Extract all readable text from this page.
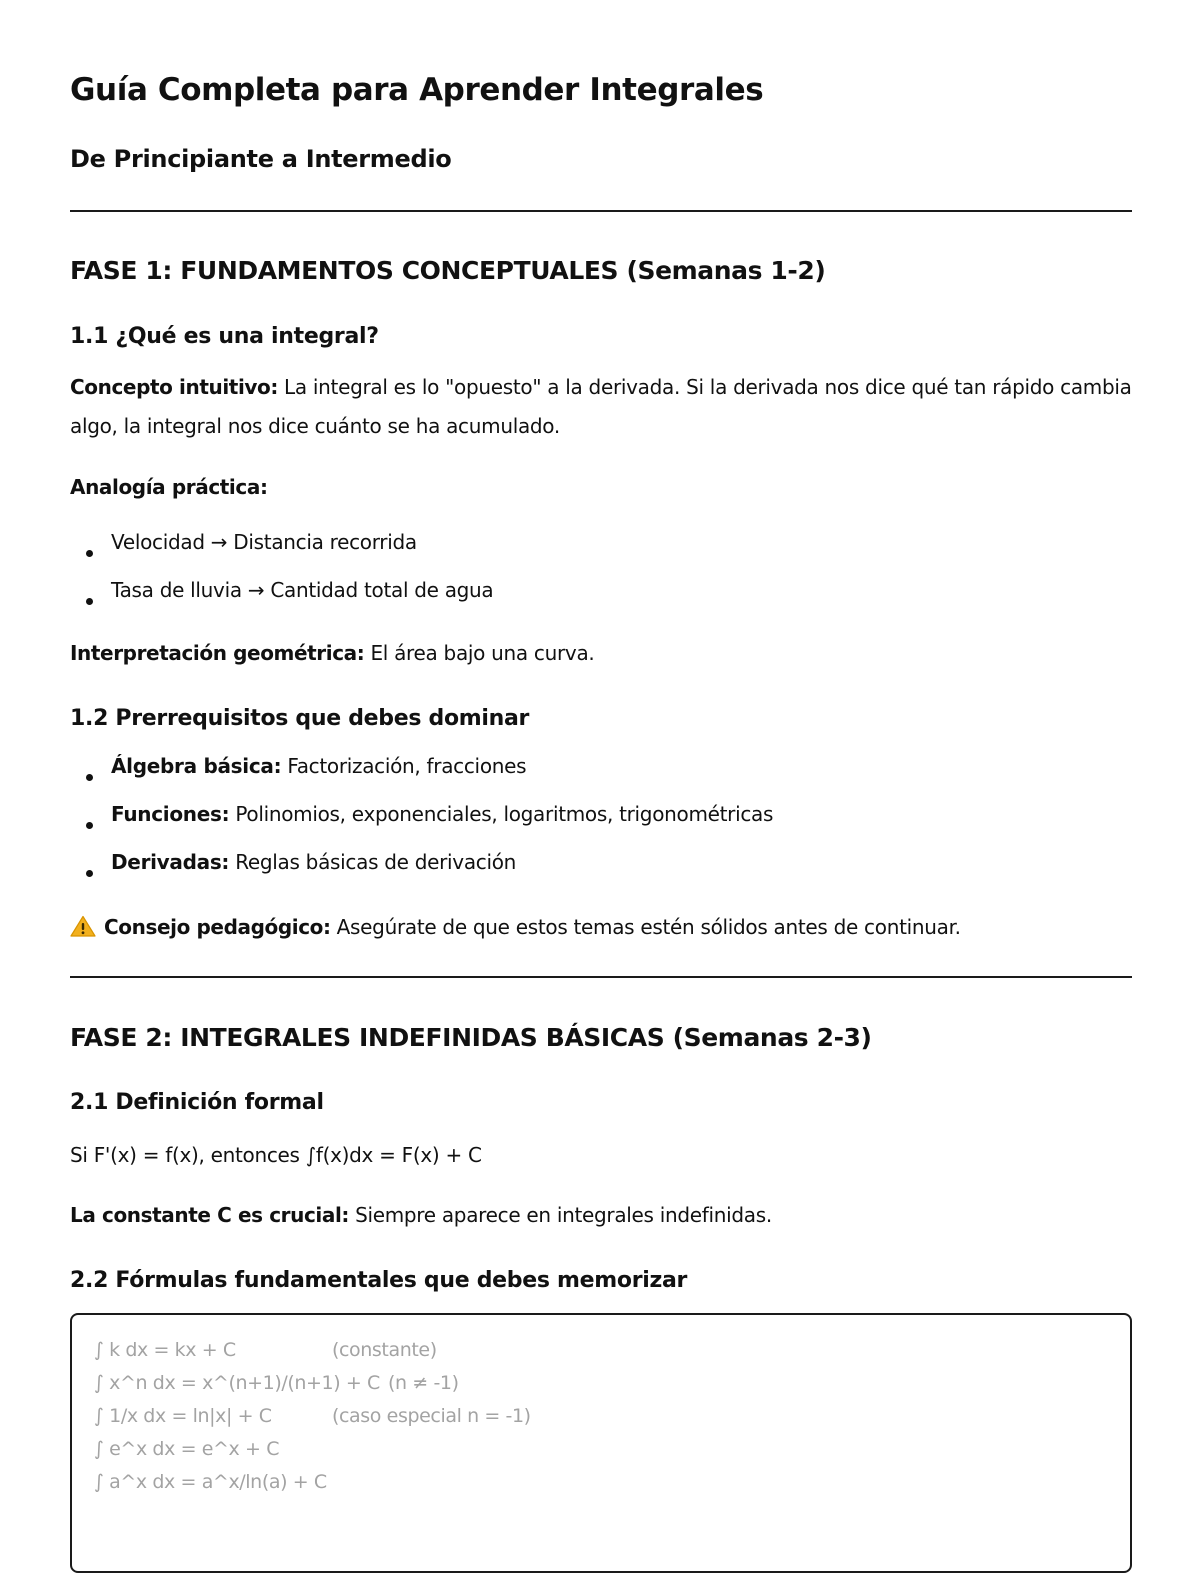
Guía Completa para Aprender Integrales
De Principiante a Intermedio
FASE 1: FUNDAMENTOS CONCEPTUALES (Semanas 1-2)
1.1 ¿Qué es una integral?

Concepto intuitivo: La integral es lo "opuesto" a la derivada. Si la derivada nos dice qué tan rápido cambia algo, la integral nos dice cuánto se ha acumulado.

Analogía práctica:

Velocidad → Distancia recorrida
Tasa de lluvia → Cantidad total de agua

Interpretación geométrica: El área bajo una curva.

1.2 Prerrequisitos que debes dominar
Álgebra básica: Factorización, fracciones
Funciones: Polinomios, exponenciales, logaritmos, trigonométricas
Derivadas: Reglas básicas de derivación

Consejo pedagógico: Asegúrate de que estos temas estén sólidos antes de continuar.

FASE 2: INTEGRALES INDEFINIDAS BÁSICAS (Semanas 2-3)
2.1 Definición formal

Si F'(x) = f(x), entonces ∫f(x)dx = F(x) + C

La constante C es crucial: Siempre aparece en integrales indefinidas.

2.2 Fórmulas fundamentales que debes memorizar
∫ k dx = kx + C	(constante)
∫ x^n dx = x^(n+1)/(n+1) + C (n ≠ -1)
∫ 1/x dx = ln|x| + C	(caso especial n = -1)
∫ e^x dx = e^x + C
∫ a^x dx = a^x/ln(a) + C
